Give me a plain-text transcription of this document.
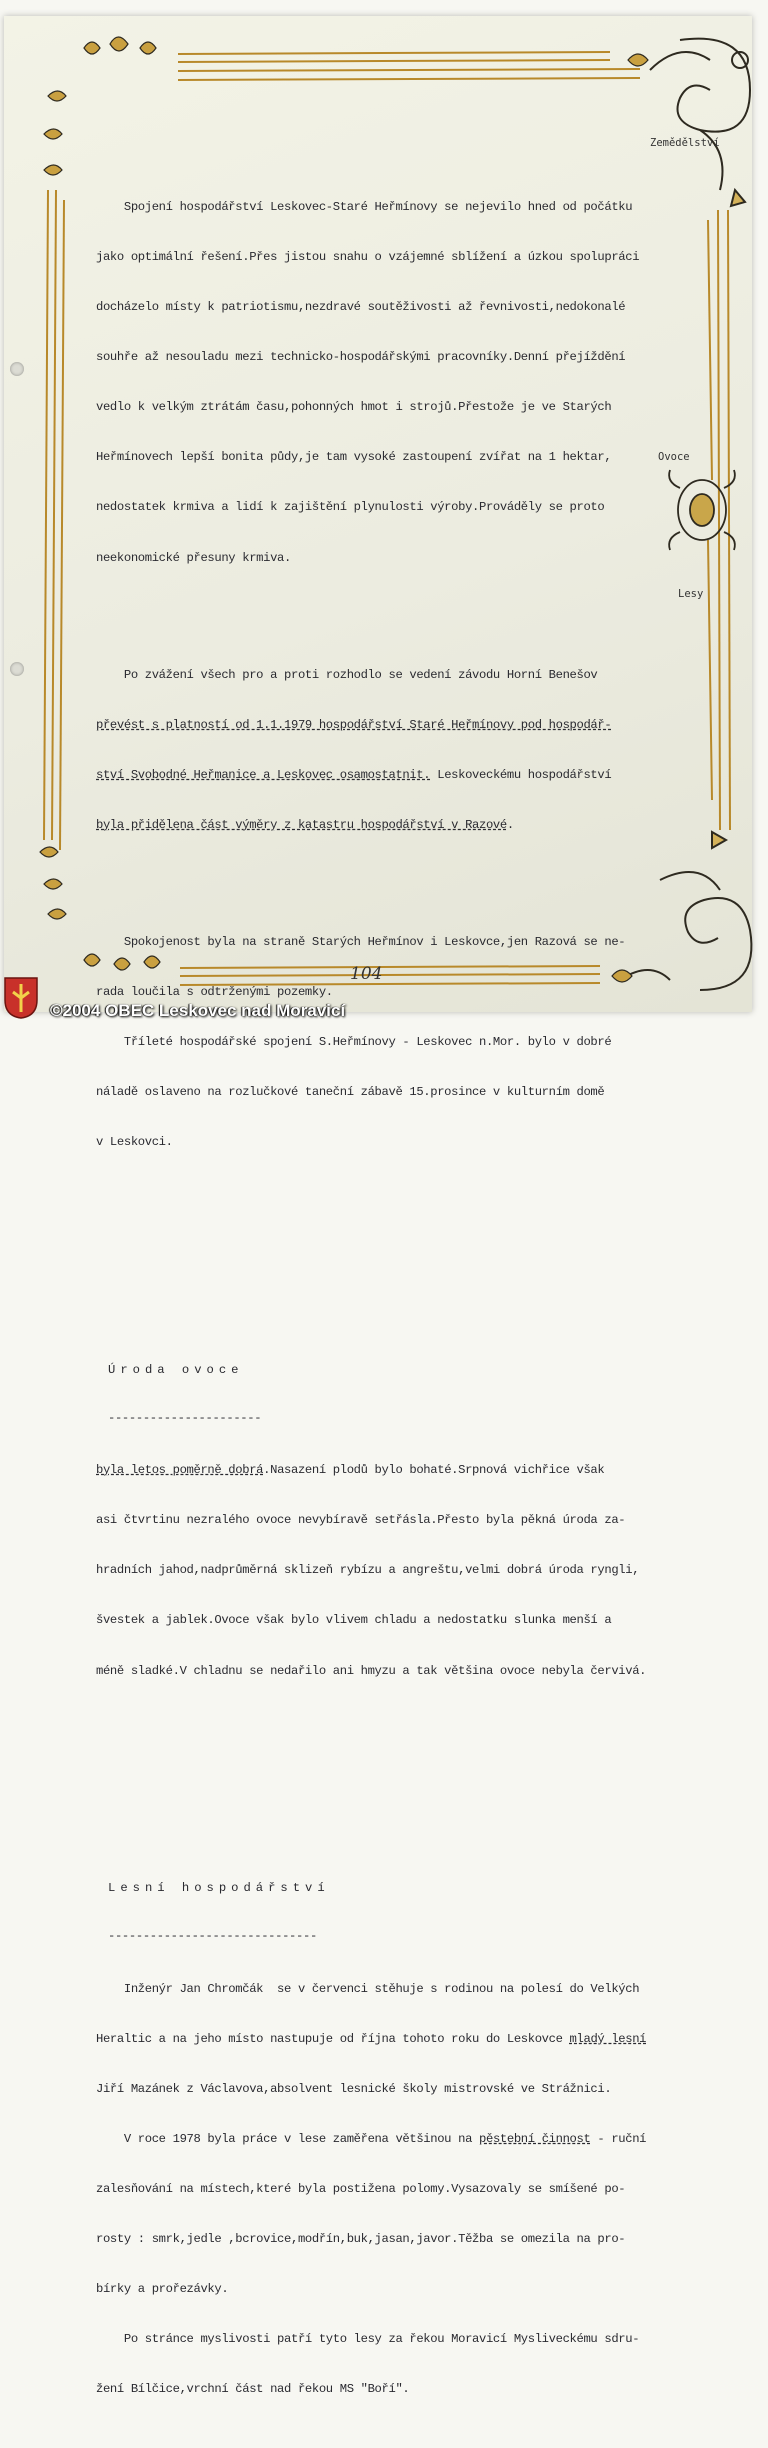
Zemědělství
Ovoce
Lesy

Spojení hospodářství Leskovec-Staré Heřmínovy se nejevilo hned od počátku

jako optimální řešení.Přes jistou snahu o vzájemné sblížení a úzkou spolupráci

docházelo místy k patriotismu,nezdravé soutěživosti až řevnivosti,nedokonalé

souhře až nesouladu mezi technicko-hospodářskými pracovníky.Denní přejíždění

vedlo k velkým ztrátám času,pohonných hmot i strojů.Přestože je ve Starých

Heřmínovech lepší bonita půdy,je tam vysoké zastoupení zvířat na 1 hektar,

nedostatek krmiva a lidí k zajištění plynulosti výroby.Prováděly se proto

neekonomické přesuny krmiva.

Po zvážení všech pro a proti rozhodlo se vedení závodu Horní Benešov

převést s platností od 1.1.1979 hospodářství Staré Heřmínovy pod hospodář-

ství Svobodné Heřmanice a Leskovec osamostatnit. Leskoveckému hospodářství

byla přidělena část výměry z katastru hospodářství v Razové.

Spokojenost byla na straně Starých Heřmínov i Leskovce,jen Razová se ne-

rada loučila s odtrženými pozemky.

Tříleté hospodářské spojení S.Heřmínovy - Leskovec n.Mor. bylo v dobré

náladě oslaveno na rozlučkové taneční zábavě 15.prosince v kulturním domě

v Leskovci.

Úroda ovoce

----------------------

byla letos poměrně dobrá.Nasazení plodů bylo bohaté.Srpnová vichřice však

asi čtvrtinu nezralého ovoce nevybíravě setřásla.Přesto byla pěkná úroda za-

hradních jahod,nadprůměrná sklizeň rybízu a angreštu,velmi dobrá úroda ryngli,

švestek a jablek.Ovoce však bylo vlivem chladu a nedostatku slunka menší a

méně sladké.V chladnu se nedařilo ani hmyzu a tak většina ovoce nebyla červivá.

Lesní hospodářství

------------------------------

Inženýr Jan Chromčák  se v červenci stěhuje s rodinou na polesí do Velkých

Heraltic a na jeho místo nastupuje od října tohoto roku do Leskovce mladý lesní

Jiří Mazánek z Václavova,absolvent lesnické školy mistrovské ve Strážnici.

V roce 1978 byla práce v lese zaměřena většinou na pěstební činnost - ruční

zalesňování na místech,které byla postižena polomy.Vysazovaly se smíšené po-

rosty : smrk,jedle ,bcrovice,modřín,buk,jasan,javor.Těžba se omezila na pro-

bírky a prořezávky.

Po stránce myslivosti patří tyto lesy za řekou Moravicí Mysliveckému sdru-

žení Bílčice,vrchní část nad řekou MS "Boří".

104
©2004 OBEC Leskovec nad Moravicí
